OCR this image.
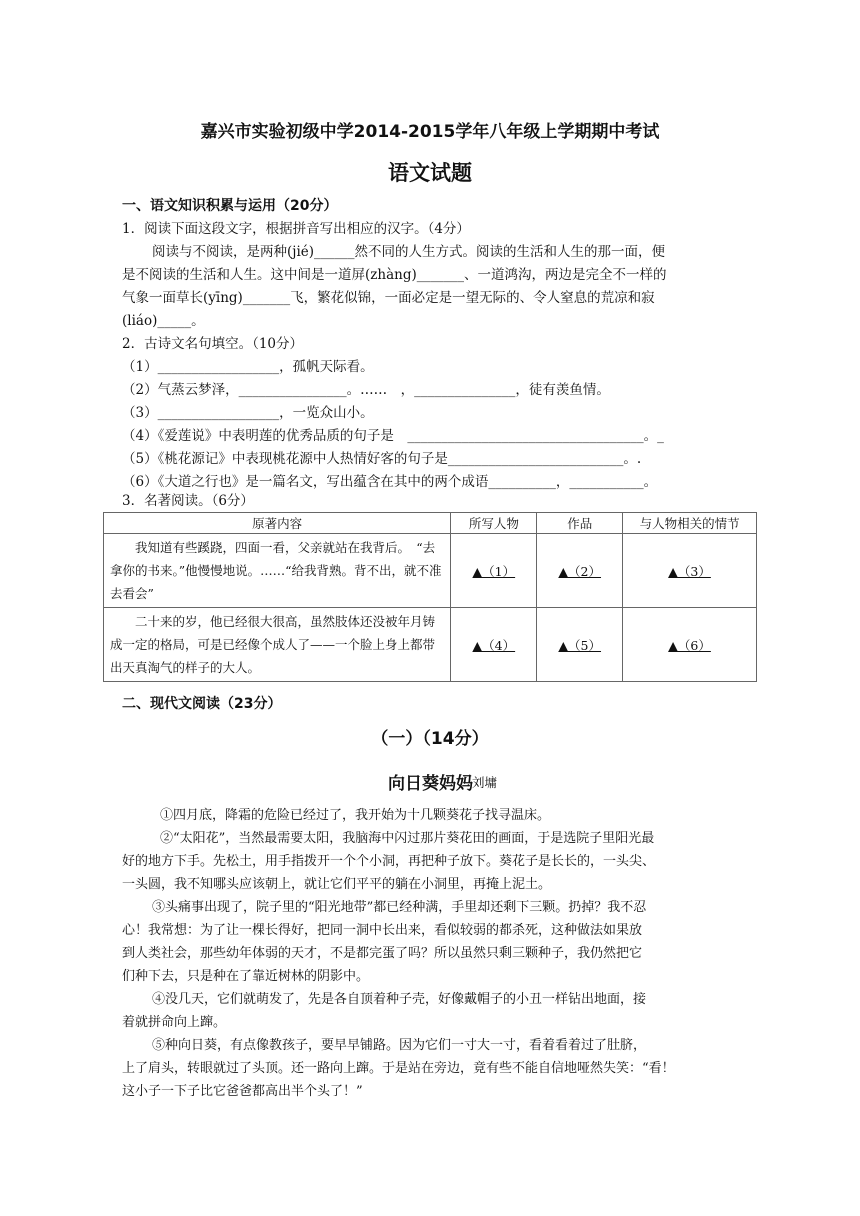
嘉兴市实验初级中学2014-2015学年八年级上学期期中考试
语文试题
一、语文知识积累与运用（20分）
1．阅读下面这段文字，根据拼音写出相应的汉字。（4分）
阅读与不阅读，是两种(jié)______然不同的人生方式。阅读的生活和人生的那一面，便
是不阅读的生活和人生。这中间是一道屏(zhàng)_______、一道鸿沟，两边是完全不一样的
气象一面草长(yīng)_______飞，繁花似锦，一面必定是一望无际的、令人窒息的荒凉和寂
(liáo)_____。
2．古诗文名句填空。（10分）
（1）__________________，孤帆天际看。
（2）气蒸云梦泽，________________。……　，_______________，徒有羡鱼情。
（3）__________________，一览众山小。
（4）《爱莲说》中表明莲的优秀品质的句子是　___________________________________。_
（5）《桃花源记》中表现桃花源中人热情好客的句子是__________________________。.
（6）《大道之行也》是一篇名文，写出蕴含在其中的两个成语__________，___________。
3．名著阅读。（6分）
原著内容	所写人物	作品	与人物相关的情节
　　我知道有些蹊跷，四面一看，父亲就站在我背后。　“去拿你的书来。”他慢慢地说。……“给我背熟。背不出，就不准去看会”	▲（1）	▲（2）	▲（3）
　　二十来的岁，他已经很大很高，虽然肢体还没被年月铸成一定的格局，可是已经像个成人了——一个脸上身上都带出天真淘气的样子的大人。	▲（4）	▲（5）	▲（6）
二、现代文阅读（23分）
（一）（14分）
向日葵妈妈 刘墉
①四月底，降霜的危险已经过了，我开始为十几颗葵花子找寻温床。
②“太阳花”，当然最需要太阳，我脑海中闪过那片葵花田的画面，于是选院子里阳光最
好的地方下手。先松土，用手指拨开一个个小洞，再把种子放下。葵花子是长长的，一头尖、
一头圆，我不知哪头应该朝上，就让它们平平的躺在小洞里，再掩上泥土。
③头痛事出现了，院子里的“阳光地带”都已经种满，手里却还剩下三颗。扔掉？我不忍
心！我常想：为了让一棵长得好，把同一洞中长出来，看似较弱的都杀死，这种做法如果放
到人类社会，那些幼年体弱的天才，不是都完蛋了吗？所以虽然只剩三颗种子，我仍然把它
们种下去，只是种在了靠近树林的阴影中。
④没几天，它们就萌发了，先是各自顶着种子壳，好像戴帽子的小丑一样钻出地面，接
着就拼命向上蹿。
⑤种向日葵，有点像教孩子，要早早铺路。因为它们一寸大一寸，看着看着过了肚脐，
上了肩头，转眼就过了头顶。还一路向上蹿。于是站在旁边，竟有些不能自信地哑然失笑：“看！
这小子一下子比它爸爸都高出半个头了！”
